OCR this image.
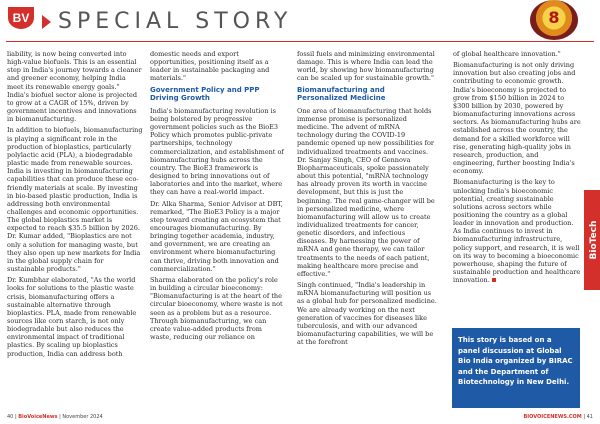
BV SPECIAL STORY	8

liability, is now being converted into high-value biofuels. This is an essential step in India's journey towards a cleaner and greener economy, helping India meet its renewable energy goals." India's biofuel sector alone is projected to grow at a CAGR of 15%, driven by government incentives and innovations in biomanufacturing.

In addition to biofuels, biomanufacturing is playing a significant role in the production of bioplastics, particularly polylactic acid (PLA), a biodegradable plastic made from renewable sources. India is investing in biomanufacturing capabilities that can produce these eco-friendly materials at scale. By investing in bio-based plastic production, India is addressing both environmental challenges and economic opportunities. The global bioplastics market is expected to reach $35.5 billion by 2026. Dr. Kumar added, "Bioplastics are not only a solution for managing waste, but they also open up new markets for India in the global supply chain for sustainable products."

Dr. Kumbhar elaborated, "As the world looks for solutions to the plastic waste crisis, biomanufacturing offers a sustainable alternative through bioplastics. PLA, made from renewable sources like corn starch, is not only biodegradable but also reduces the environmental impact of traditional plastics. By scaling up bioplastics production, India can address both

domestic needs and export opportunities, positioning itself as a leader in sustainable packaging and materials."

Government Policy and PPP Driving Growth

India's biomanufacturing revolution is being bolstered by progressive government policies such as the BioE3 Policy which promotes public-private partnerships, technology commercialization, and establishment of biomanufacturing hubs across the country. The BioE3 framework is designed to bring innovations out of laboratories and into the market, where they can have a real-world impact.

Dr. Alka Sharma, Senior Advisor at DBT, remarked, "The BioE3 Policy is a major step toward creating an ecosystem that encourages biomanufacturing. By bringing together academia, industry, and government, we are creating an environment where biomanufacturing can thrive, driving both innovation and commercialization."

Sharma elaborated on the policy's role in building a circular bioeconomy: "Biomanufacturing is at the heart of the circular bioeconomy, where waste is not seen as a problem but as a resource. Through biomanufacturing, we can create value-added products from waste, reducing our reliance on

fossil fuels and minimizing environmental damage. This is where India can lead the world, by showing how biomanufacturing can be scaled up for sustainable growth."

Biomanufacturing and Personalized Medicine

One area of biomanufacturing that holds immense promise is personalized medicine. The advent of mRNA technology during the COVID-19 pandemic opened up new possibilities for individualized treatments and vaccines. Dr. Sanjay Singh, CEO of Gennova Biopharmaceuticals, spoke passionately about this potential, "mRNA technology has already proven its worth in vaccine development, but this is just the beginning. The real game-changer will be in personalized medicine, where biomanufacturing will allow us to create individualized treatments for cancer, genetic disorders, and infectious diseases. By harnessing the power of mRNA and gene therapy, we can tailor treatments to the needs of each patient, making healthcare more precise and effective."

Singh continued, "India's leadership in mRNA biomanufacturing will position us as a global hub for personalized medicine. We are already working on the next generation of vaccines for diseases like tuberculosis, and with our advanced biomanufacturing capabilities, we will be at the forefront

of global healthcare innovation."

Biomanufacturing is not only driving innovation but also creating jobs and contributing to economic growth. India's bioeconomy is projected to grow from $150 billion in 2024 to $300 billion by 2030, powered by biomanufacturing innovations across sectors. As biomanufacturing hubs are established across the country, the demand for a skilled workforce will rise, generating high-quality jobs in research, production, and engineering, further boosting India's economy.

Biomanufacturing is the key to unlocking India's bioeconomic potential, creating sustainable solutions across sectors while positioning the country as a global leader in innovation and production. As India continues to invest in biomanufacturing infrastructure, policy support, and research, it is well on its way to becoming a bioeconomic powerhouse, shaping the future of sustainable production and healthcare innovation.

BioTech
This story is based on a panel discussion at Global Bio India organized by BIRAC and the Department of Biotechnology in New Delhi.
40 | BioVoiceNews | November 2024	BIOVOICENEWS.COM | 41
